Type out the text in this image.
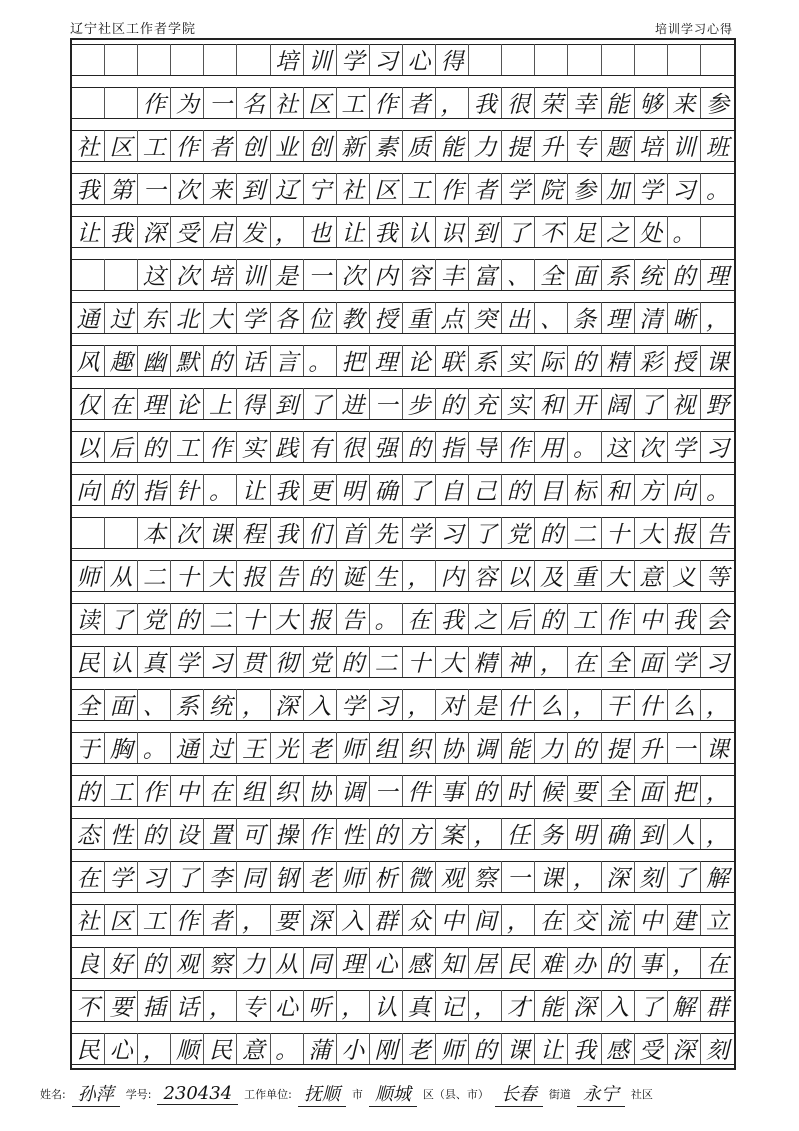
辽宁社区工作者学院	培训学习心得
培 训 学 习 心 得
作 为 一 名 社 区 工 作 者 ， 我 很 荣 幸 能 够 来 参
社 区 工 作 者 创 业 创 新 素 质 能 力 提 升 专 题 培 训 班
我 第 一 次 来 到 辽 宁 社 区 工 作 者 学 院 参 加 学 习 。
让 我 深 受 启 发 ， 也 让 我 认 识 到 了 不 足 之 处 。
这 次 培 训 是 一 次 内 容 丰 富 、 全 面 系 统 的 理
通 过 东 北 大 学 各 位 教 授 重 点 突 出 、 条 理 清 晰 ，
风 趣 幽 默 的 话 言 。 把 理 论 联 系 实 际 的 精 彩 授 课
仅 在 理 论 上 得 到 了 进 一 步 的 充 实 和 开 阔 了 视 野
以 后 的 工 作 实 践 有 很 强 的 指 导 作 用 。 这 次 学 习
向 的 指 针 。 让 我 更 明 确 了 自 己 的 目 标 和 方 向 。
本 次 课 程 我 们 首 先 学 习 了 党 的 二 十 大 报 告
师 从 二 十 大 报 告 的 诞 生 ， 内 容 以 及 重 大 意 义 等
读 了 党 的 二 十 大 报 告 。 在 我 之 后 的 工 作 中 我 会
民 认 真 学 习 贯 彻 党 的 二 十 大 精 神 ， 在 全 面 学 习
全 面 、 系 统 ， 深 入 学 习 ， 对 是 什 么 ， 干 什 么 ，
于 胸 。 通 过 王 光 老 师 组 织 协 调 能 力 的 提 升 一 课
的 工 作 中 在 组 织 协 调 一 件 事 的 时 候 要 全 面 把 ，
态 性 的 设 置 可 操 作 性 的 方 案 ， 任 务 明 确 到 人 ，
在 学 习 了 李 同 钢 老 师 析 微 观 察 一 课 ， 深 刻 了 解
社 区 工 作 者 ， 要 深 入 群 众 中 间 ， 在 交 流 中 建 立
良 好 的 观 察 力 从 同 理 心 感 知 居 民 难 办 的 事 ， 在
不 要 插 话 ， 专 心 听 ， 认 真 记 ， 才 能 深 入 了 解 群
民 心 ， 顺 民 意 。 蒲 小 刚 老 师 的 课 让 我 感 受 深 刻
姓名: 孙萍	学号: 230434	工作单位: 抚顺	市 顺城	区（县、市） 长春	街道 永宁	社区
